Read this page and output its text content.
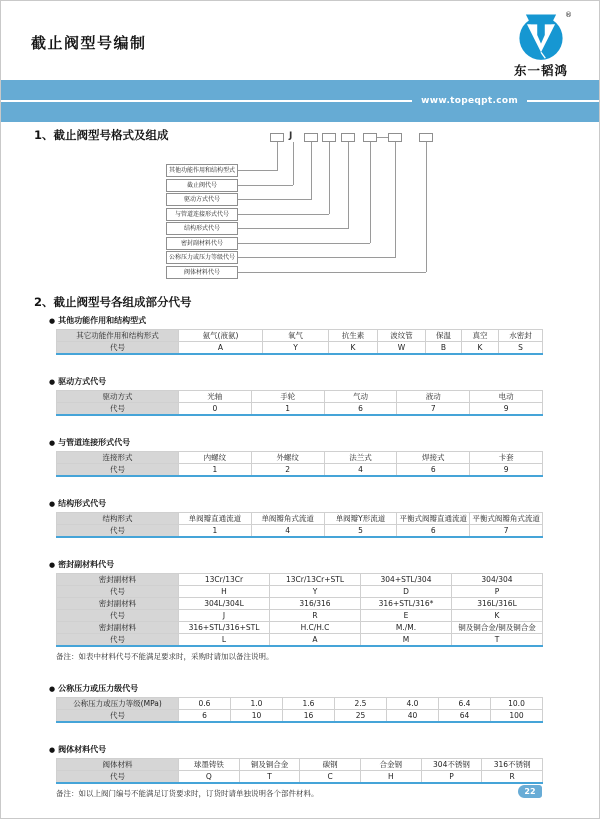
截止阀型号编制
®
东一韬鸿
www.topeqpt.com
1、截止阀型号格式及组成
其他功能作用和结构型式
截止阀代号
J
驱动方式代号
与管道连接形式代号
结构形式代号
密封副材料代号
公称压力或压力等级代号
阀体材料代号
2、截止阀型号各组成部分代号
● 其他功能作用和结构型式
其它功能作用和结构形式	氨气(液氨)	氧气	抗生素	波纹管	保温	真空	水密封
代号	A	Y	K	W	B	K	S
● 驱动方式代号
驱动方式	光轴	手轮	气动	液动	电动
代号	0	1	6	7	9
● 与管道连接形式代号
连接形式	内螺纹	外螺纹	法兰式	焊接式	卡套
代号	1	2	4	6	9
● 结构形式代号
结构形式	单阀瓣直通流道	单阀瓣角式流道	单阀瓣Y形流道	平衡式阀瓣直通流道	平衡式阀瓣角式流道
代号	1	4	5	6	7
● 密封副材料代号
密封副材料	13Cr/13Cr	13Cr/13Cr+STL	304+STL/304	304/304
代号	H	Y	D	P
密封副材料	304L/304L	316/316	316+STL/316*	316L/316L
代号	J	R	E	K
密封副材料	316+STL/316+STL	H.C/H.C	M./M.	铜及铜合金/铜及铜合金
代号	L	A	M	T
备注：如表中材料代号不能满足要求时，采购时请加以备注说明。
● 公称压力或压力级代号
公称压力或压力等级(MPa)	0.6	1.0	1.6	2.5	4.0	6.4	10.0
代号	6	10	16	25	40	64	100
● 阀体材料代号
阀体材料	球墨铸铁	铜及铜合金	碳钢	合金钢	304不锈钢	316不锈钢
代号	Q	T	C	H	P	R
备注：如以上阀门编号不能满足订货要求时，订货时请单独说明各个部件材料。	22
